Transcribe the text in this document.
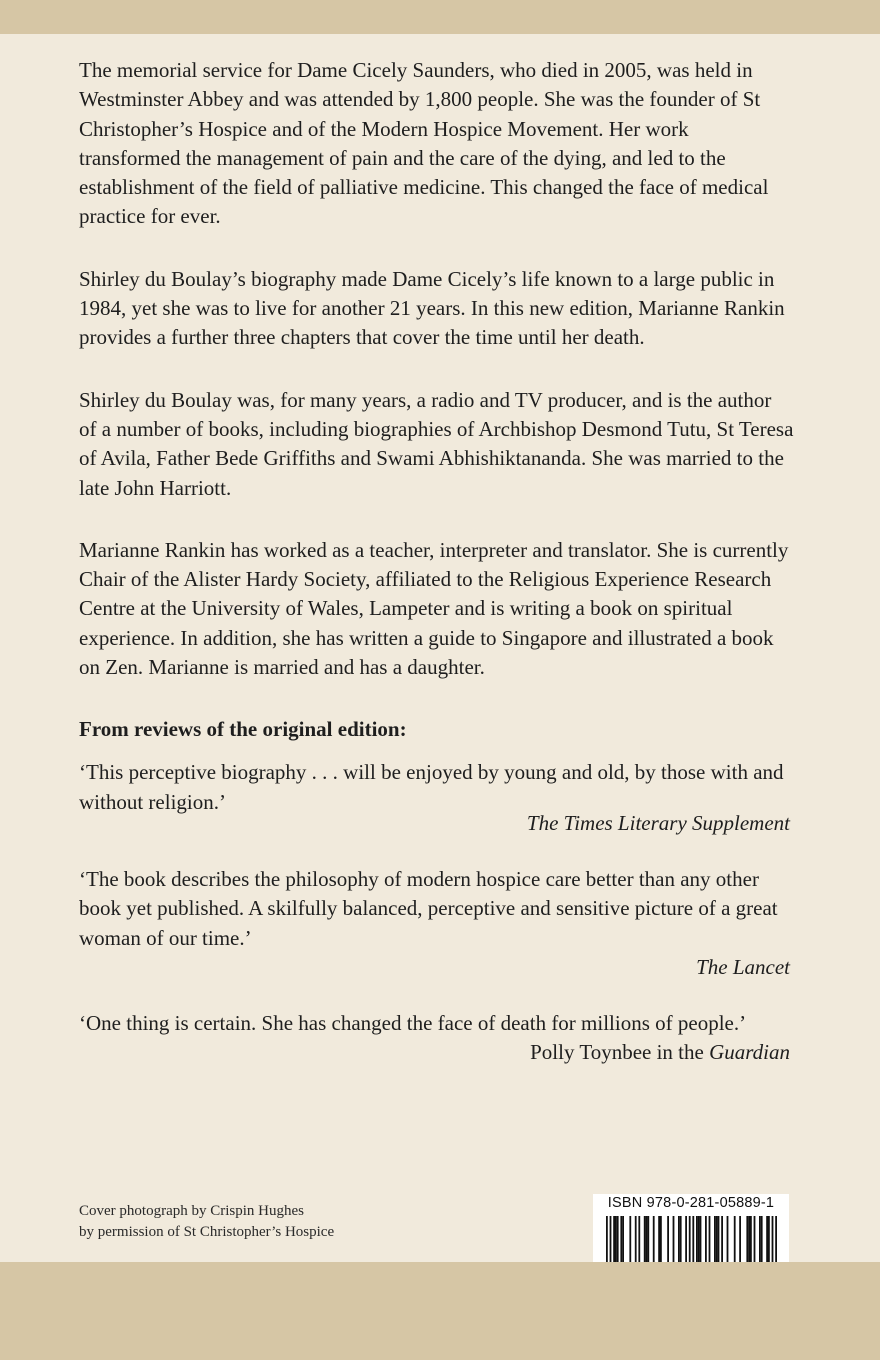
The memorial service for Dame Cicely Saunders, who died in 2005, was held in Westminster Abbey and was attended by 1,800 people. She was the founder of St Christopher’s Hospice and of the Modern Hospice Movement. Her work transformed the management of pain and the care of the dying, and led to the establishment of the field of palliative medicine. This changed the face of medical practice for ever.

Shirley du Boulay’s biography made Dame Cicely’s life known to a large public in 1984, yet she was to live for another 21 years. In this new edition, Marianne Rankin provides a further three chapters that cover the time until her death.

Shirley du Boulay was, for many years, a radio and TV producer, and is the author of a number of books, including biographies of Archbishop Desmond Tutu, St Teresa of Avila, Father Bede Griffiths and Swami Abhishiktananda. She was married to the late John Harriott.

Marianne Rankin has worked as a teacher, interpreter and translator. She is currently Chair of the Alister Hardy Society, affiliated to the Religious Experience Research Centre at the University of Wales, Lampeter and is writing a book on spiritual experience. In addition, she has written a guide to Singapore and illustrated a book on Zen. Marianne is married and has a daughter.

From reviews of the original edition:

‘This perceptive biography . . . will be enjoyed by young and old, by those with and without religion.’

The Times Literary Supplement

‘The book describes the philosophy of modern hospice care better than any other book yet published. A skilfully balanced, perceptive and sensitive picture of a great woman of our time.’

The Lancet

‘One thing is certain. She has changed the face of death for millions of people.’

Polly Toynbee in the Guardian
Cover photograph by Crispin Hughes
by permission of St Christopher’s Hospice
ISBN 978-0-281-05889-1
